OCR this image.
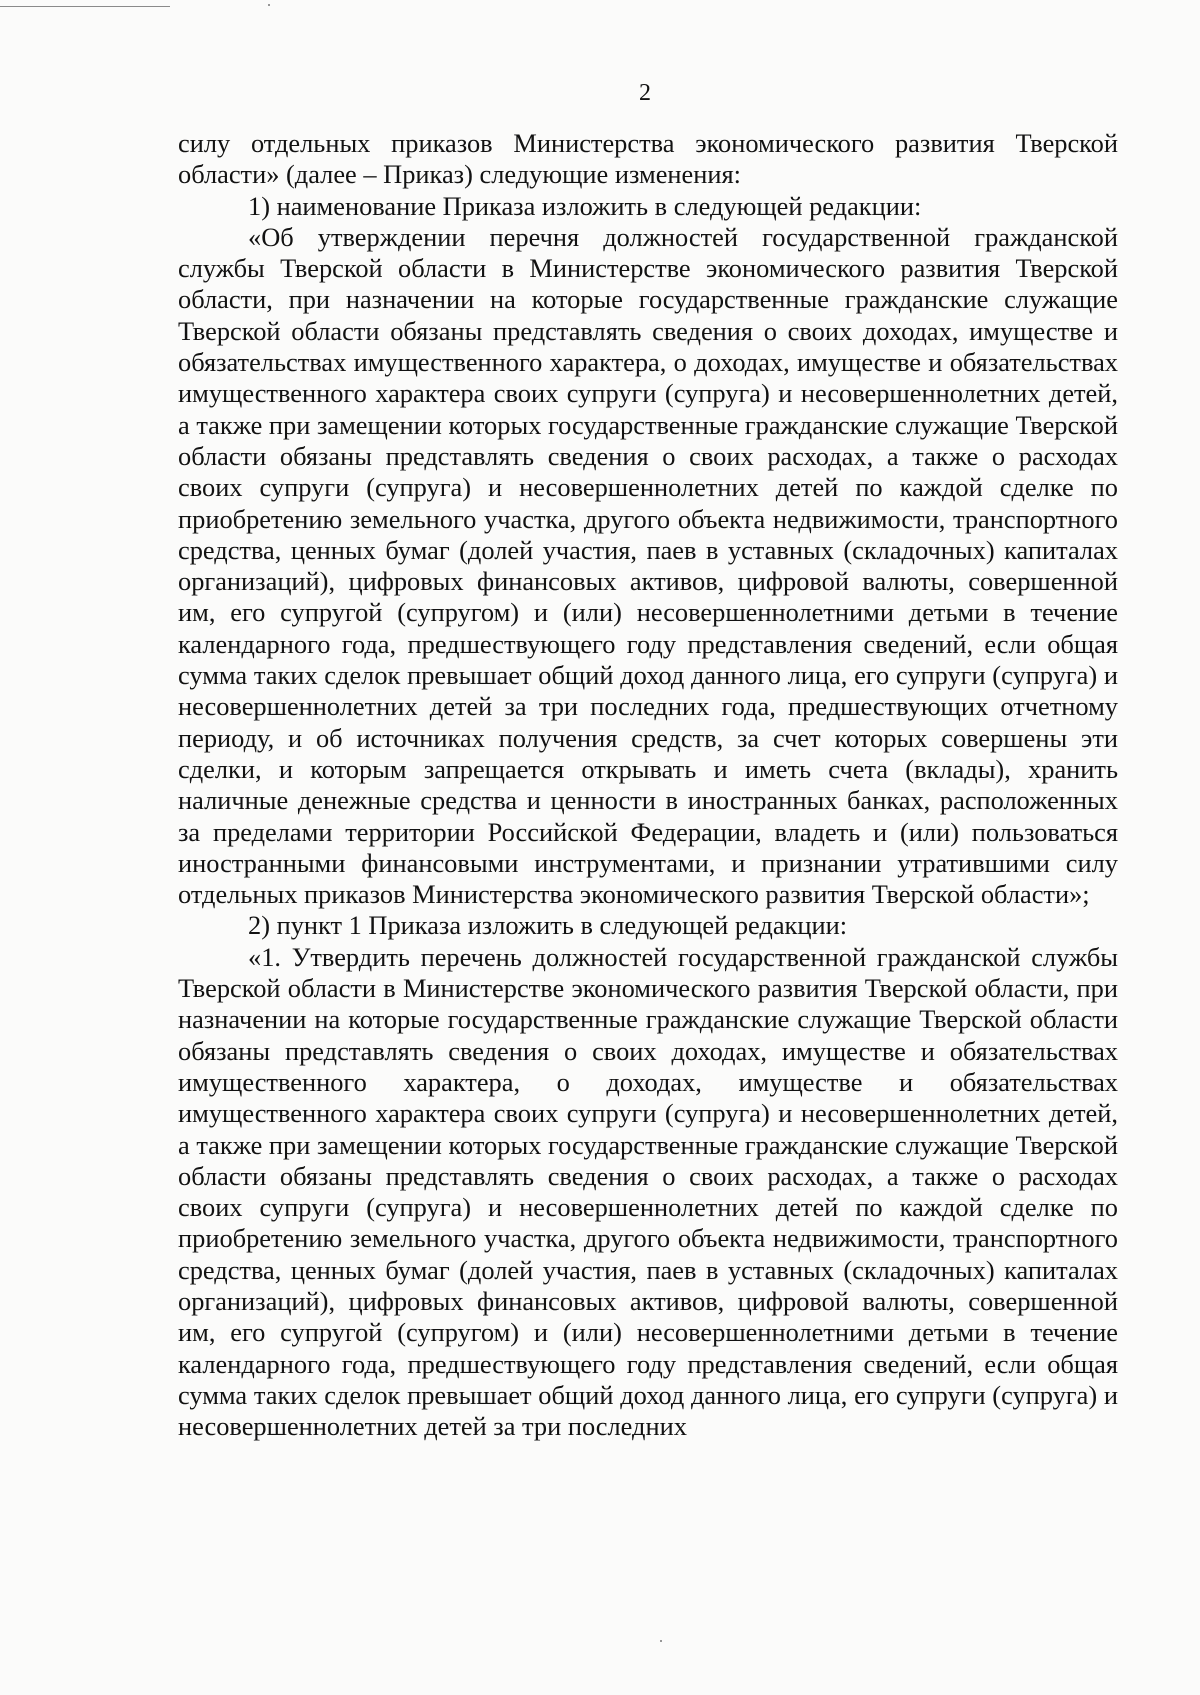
2

силу отдельных приказов Министерства экономического развития Тверской области» (далее – Приказ) следующие изменения:

1) наименование Приказа изложить в следующей редакции:

«Об утверждении перечня должностей государственной гражданской службы Тверской области в Министерстве экономического развития Тверской области, при назначении на которые государственные гражданские служащие Тверской области обязаны представлять сведения о своих доходах, имуществе и обязательствах имущественного характера, о доходах, имуществе и обязательствах имущественного характера своих супруги (супруга) и несовершеннолетних детей, а также при замещении которых государственные гражданские служащие Тверской области обязаны представлять сведения о своих расходах, а также о расходах своих супруги (супруга) и несовершеннолетних детей по каждой сделке по приобретению земельного участка, другого объекта недвижимости, транспортного средства, ценных бумаг (долей участия, паев в уставных (складочных) капиталах организаций), цифровых финансовых активов, цифровой валюты, совершенной им, его супругой (супругом) и (или) несовершеннолетними детьми в течение календарного года, предшествующего году представления сведений, если общая сумма таких сделок превышает общий доход данного лица, его супруги (супруга) и несовершеннолетних детей за три последних года, предшествующих отчетному периоду, и об источниках получения средств, за счет которых совершены эти сделки, и которым запрещается открывать и иметь счета (вклады), хранить наличные денежные средства и ценности в иностранных банках, расположенных за пределами территории Российской Федерации, владеть и (или) пользоваться иностранными финансовыми инструментами, и признании утратившими силу отдельных приказов Министерства экономического развития Тверской области»;

2) пункт 1 Приказа изложить в следующей редакции:

«1. Утвердить перечень должностей государственной гражданской службы Тверской области в Министерстве экономического развития Тверской области, при назначении на которые государственные гражданские служащие Тверской области обязаны представлять сведения о своих доходах, имуществе и обязательствах имущественного характера, о доходах, имуществе и обязательствах имущественного характера своих супруги (супруга) и несовершеннолетних детей, а также при замещении которых государственные гражданские служащие Тверской области обязаны представлять сведения о своих расходах, а также о расходах своих супруги (супруга) и несовершеннолетних детей по каждой сделке по приобретению земельного участка, другого объекта недвижимости, транспортного средства, ценных бумаг (долей участия, паев в уставных (складочных) капиталах организаций), цифровых финансовых активов, цифровой валюты, совершенной им, его супругой (супругом) и (или) несовершеннолетними детьми в течение календарного года, предшествующего году представления сведений, если общая сумма таких сделок превышает общий доход данного лица, его супруги (супруга) и несовершеннолетних детей за три последних
